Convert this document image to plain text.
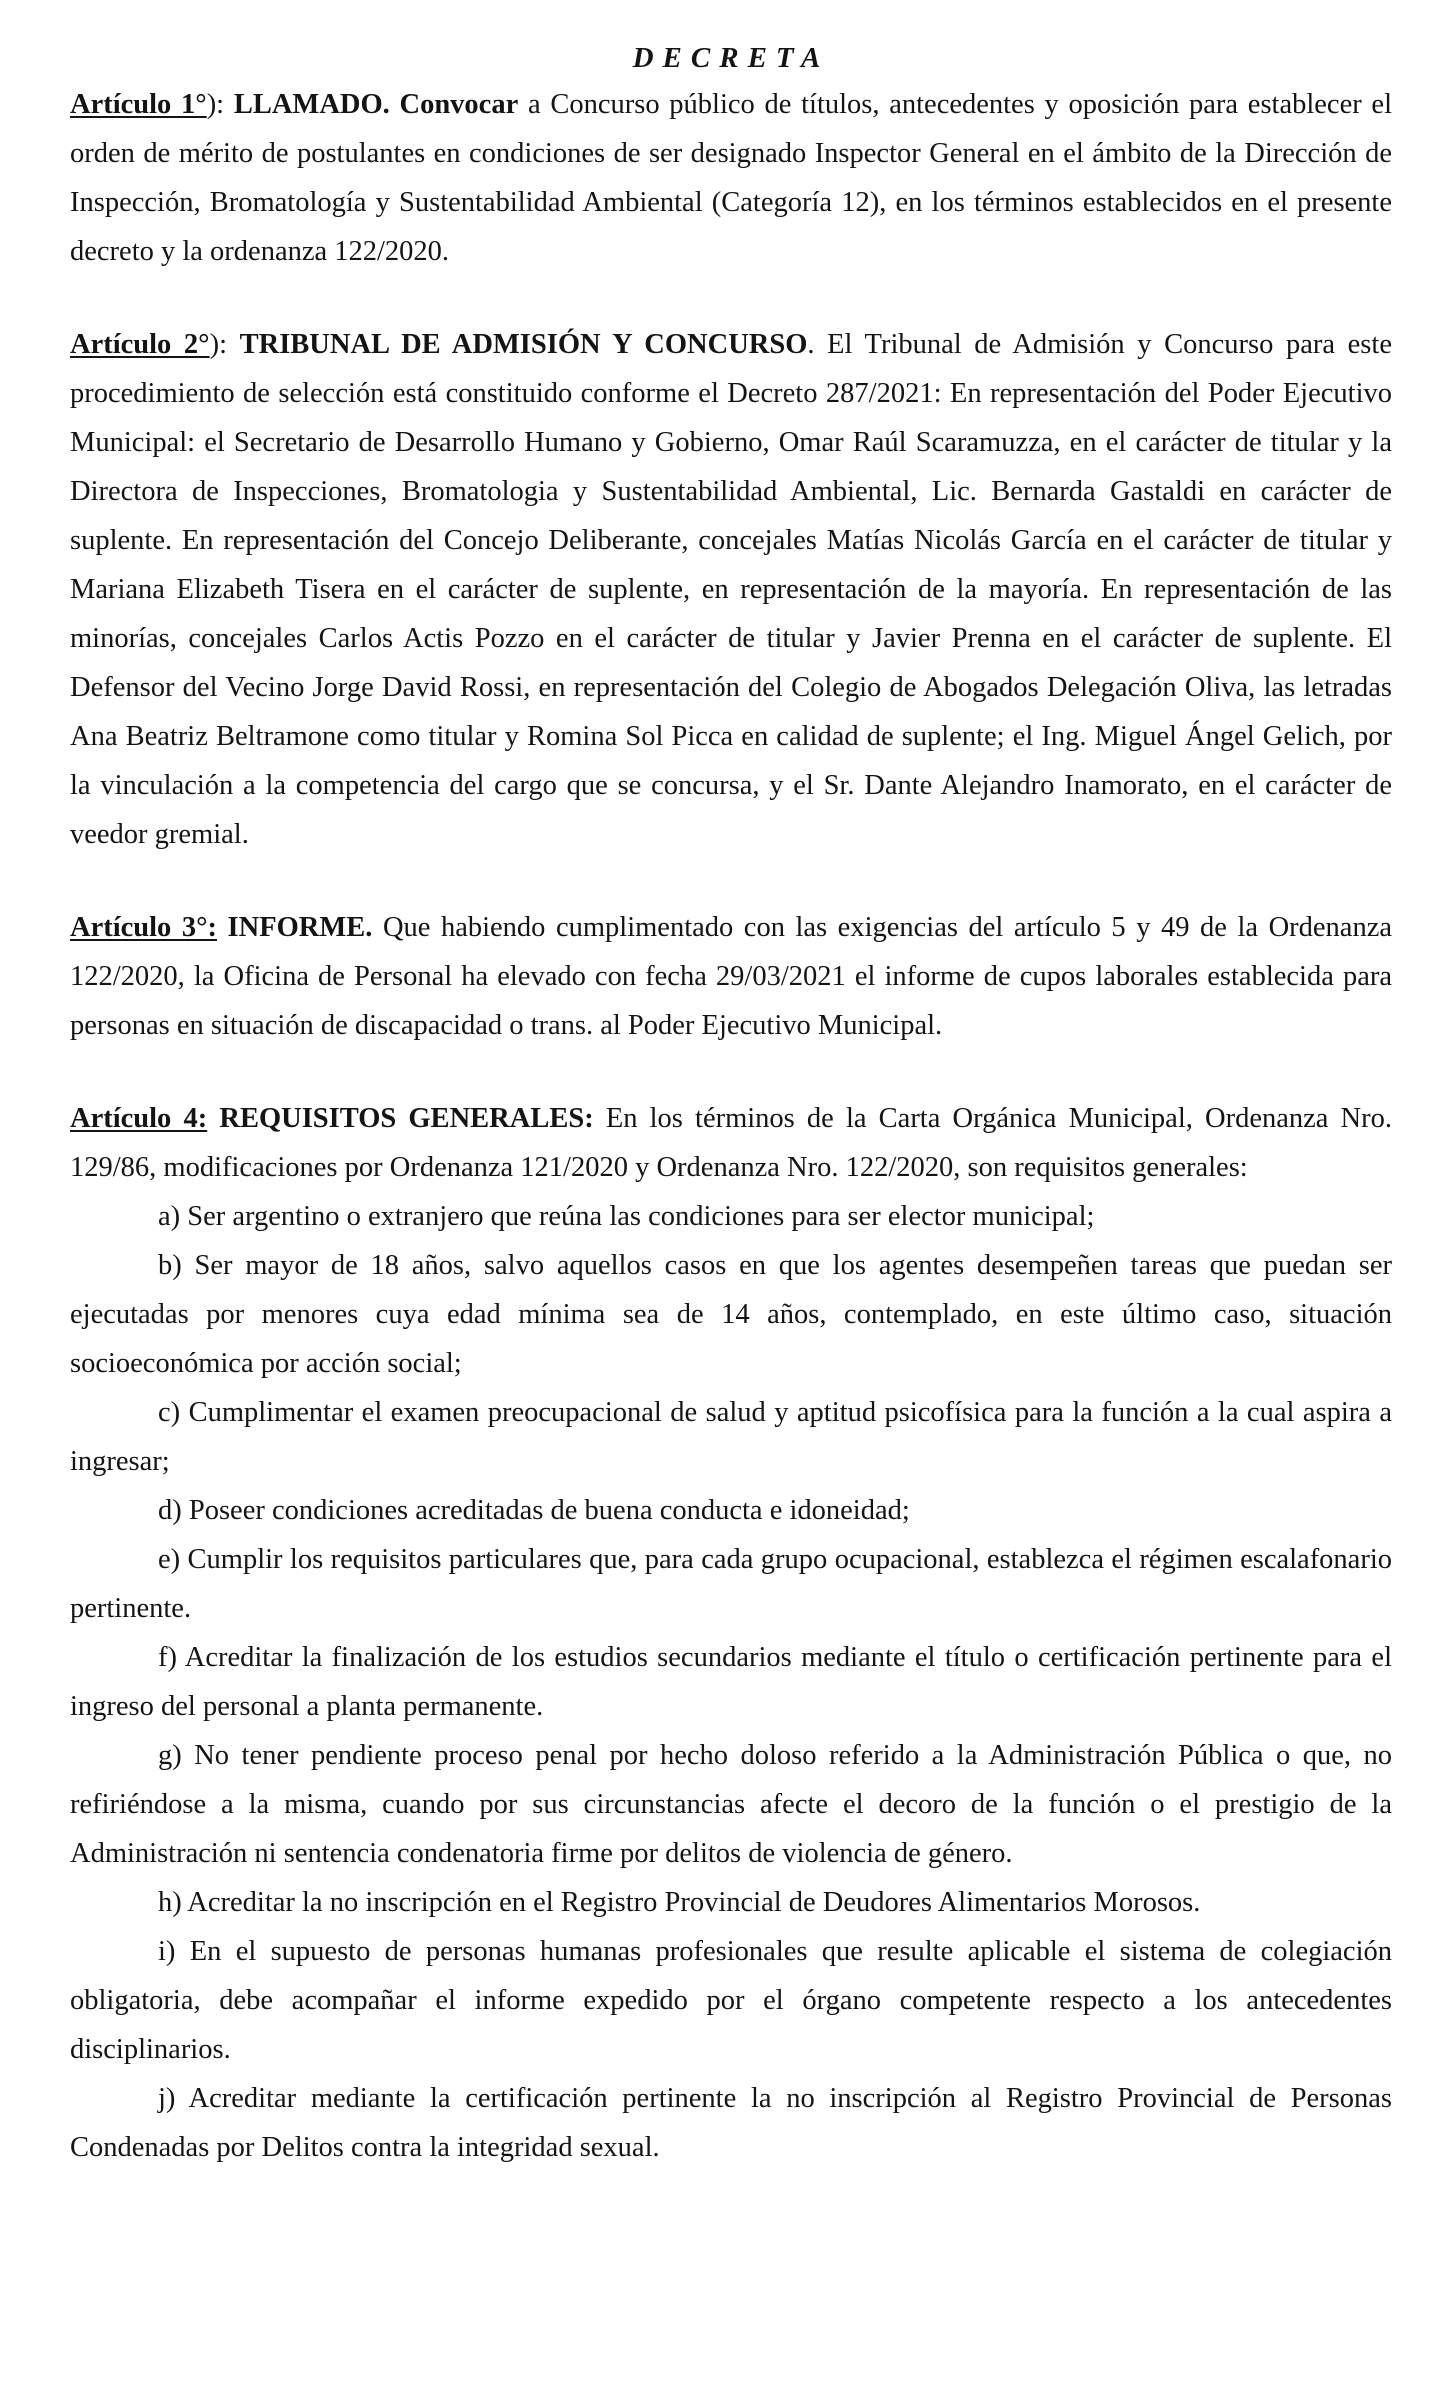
DECRETA

Artículo 1°): LLAMADO. Convocar a Concurso público de títulos, antecedentes y oposición para establecer el orden de mérito de postulantes en condiciones de ser designado Inspector General en el ámbito de la Dirección de Inspección, Bromatología y Sustentabilidad Ambiental (Categoría 12), en los términos establecidos en el presente decreto y la ordenanza 122/2020.

Artículo 2°): TRIBUNAL DE ADMISIÓN Y CONCURSO. El Tribunal de Admisión y Concurso para este procedimiento de selección está constituido conforme el Decreto 287/2021: En representación del Poder Ejecutivo Municipal: el Secretario de Desarrollo Humano y Gobierno, Omar Raúl Scaramuzza, en el carácter de titular y la Directora de Inspecciones, Bromatologia y Sustentabilidad Ambiental, Lic. Bernarda Gastaldi en carácter de suplente. En representación del Concejo Deliberante, concejales Matías Nicolás García en el carácter de titular y Mariana Elizabeth Tisera en el carácter de suplente, en representación de la mayoría. En representación de las minorías, concejales Carlos Actis Pozzo en el carácter de titular y Javier Prenna en el carácter de suplente. El Defensor del Vecino Jorge David Rossi, en representación del Colegio de Abogados Delegación Oliva, las letradas Ana Beatriz Beltramone como titular y Romina Sol Picca en calidad de suplente; el Ing. Miguel Ángel Gelich, por la vinculación a la competencia del cargo que se concursa, y el Sr. Dante Alejandro Inamorato, en el carácter de veedor gremial.

Artículo 3°: INFORME. Que habiendo cumplimentado con las exigencias del artículo 5 y 49 de la Ordenanza 122/2020, la Oficina de Personal ha elevado con fecha 29/03/2021 el informe de cupos laborales establecida para personas en situación de discapacidad o trans. al Poder Ejecutivo Municipal.

Artículo 4: REQUISITOS GENERALES: En los términos de la Carta Orgánica Municipal, Ordenanza Nro. 129/86, modificaciones por Ordenanza 121/2020 y Ordenanza Nro. 122/2020, son requisitos generales:

a) Ser argentino o extranjero que reúna las condiciones para ser elector municipal;

b) Ser mayor de 18 años, salvo aquellos casos en que los agentes desempeñen tareas que puedan ser ejecutadas por menores cuya edad mínima sea de 14 años, contemplado, en este último caso, situación socioeconómica por acción social;

c) Cumplimentar el examen preocupacional de salud y aptitud psicofísica para la función a la cual aspira a ingresar;

d) Poseer condiciones acreditadas de buena conducta e idoneidad;

e) Cumplir los requisitos particulares que, para cada grupo ocupacional, establezca el régimen escalafonario pertinente.

f) Acreditar la finalización de los estudios secundarios mediante el título o certificación pertinente para el ingreso del personal a planta permanente.

g) No tener pendiente proceso penal por hecho doloso referido a la Administración Pública o que, no refiriéndose a la misma, cuando por sus circunstancias afecte el decoro de la función o el prestigio de la Administración ni sentencia condenatoria firme por delitos de violencia de género.

h) Acreditar la no inscripción en el Registro Provincial de Deudores Alimentarios Morosos.

i) En el supuesto de personas humanas profesionales que resulte aplicable el sistema de colegiación obligatoria, debe acompañar el informe expedido por el órgano competente respecto a los antecedentes disciplinarios.

j) Acreditar mediante la certificación pertinente la no inscripción al Registro Provincial de Personas Condenadas por Delitos contra la integridad sexual.
